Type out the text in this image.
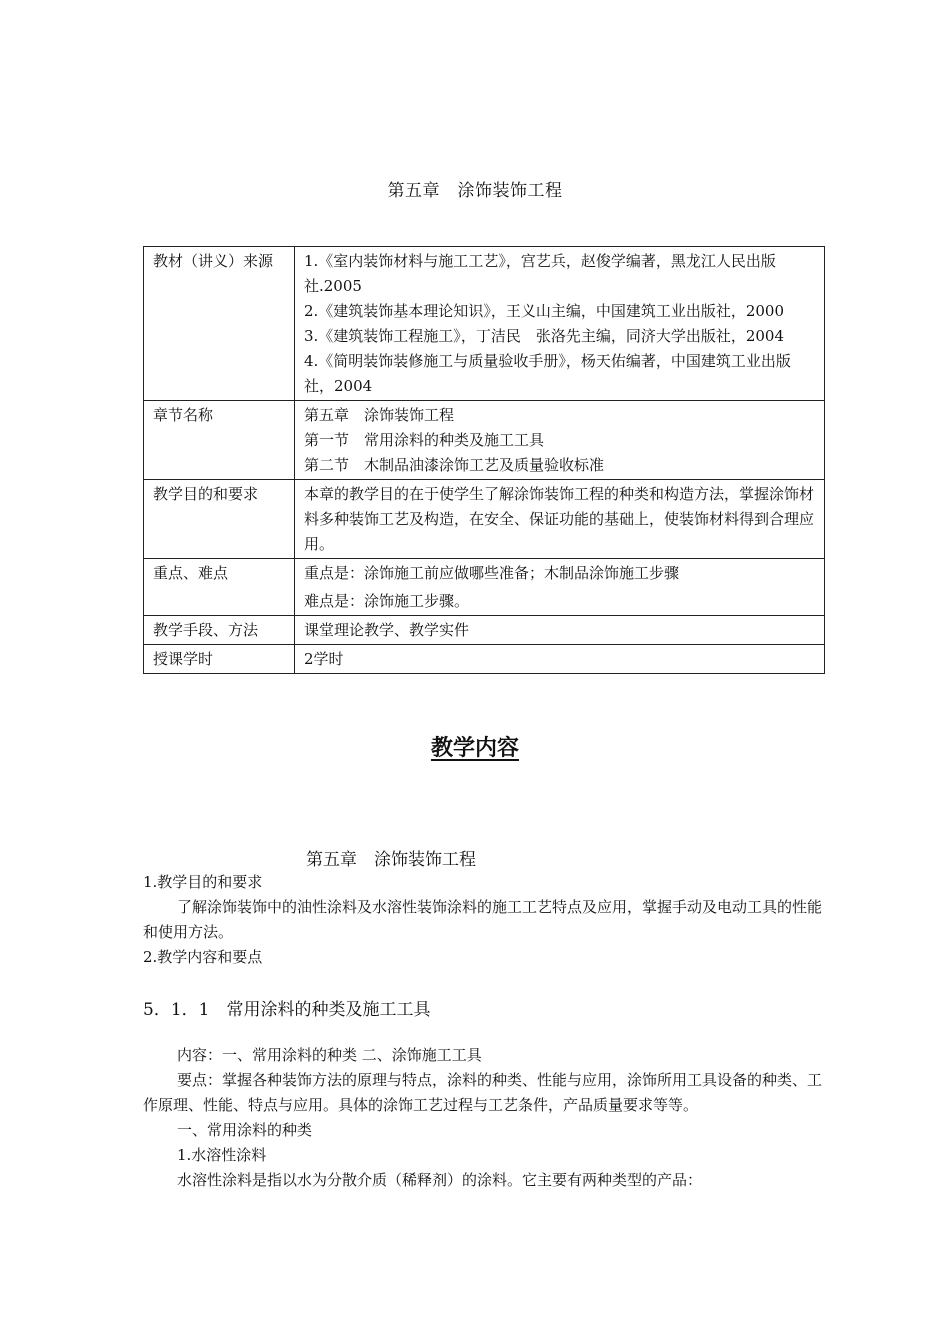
第五章　涂饰装饰工程
教材（讲义）来源	1.《室内装饰材料与施工工艺》，宫艺兵，赵俊学编著，黑龙江人民出版社.2005
2.《建筑装饰基本理论知识》，王义山主编，中国建筑工业出版社，2000
3.《建筑装饰工程施工》，丁洁民　张洛先主编，同济大学出版社，2004
4.《简明装饰装修施工与质量验收手册》，杨天佑编著，中国建筑工业出版社，2004

章节名称	第五章　涂饰装饰工程
第一节　常用涂料的种类及施工工具
第二节　木制品油漆涂饰工艺及质量验收标准

教学目的和要求	本章的教学目的在于使学生了解涂饰装饰工程的种类和构造方法，掌握涂饰材料多种装饰工艺及构造，在安全、保证功能的基础上，使装饰材料得到合理应用。
重点、难点	重点是：涂饰施工前应做哪些准备；木制品涂饰施工步骤
难点是：涂饰施工步骤。

教学手段、方法	课堂理论教学、教学实件
授课学时	2学时
教学内容
第五章　涂饰装饰工程
1.教学目的和要求
了解涂饰装饰中的油性涂料及水溶性装饰涂料的施工工艺特点及应用，掌握手动及电动工具的性能和使用方法。
2.教学内容和要点
5．1．1　常用涂料的种类及施工工具
内容：一、常用涂料的种类 二、涂饰施工工具
要点：掌握各种装饰方法的原理与特点，涂料的种类、性能与应用，涂饰所用工具设备的种类、工作原理、性能、特点与应用。具体的涂饰工艺过程与工艺条件，产品质量要求等等。
一、常用涂料的种类
1.水溶性涂料
水溶性涂料是指以水为分散介质（稀释剂）的涂料。它主要有两种类型的产品：
